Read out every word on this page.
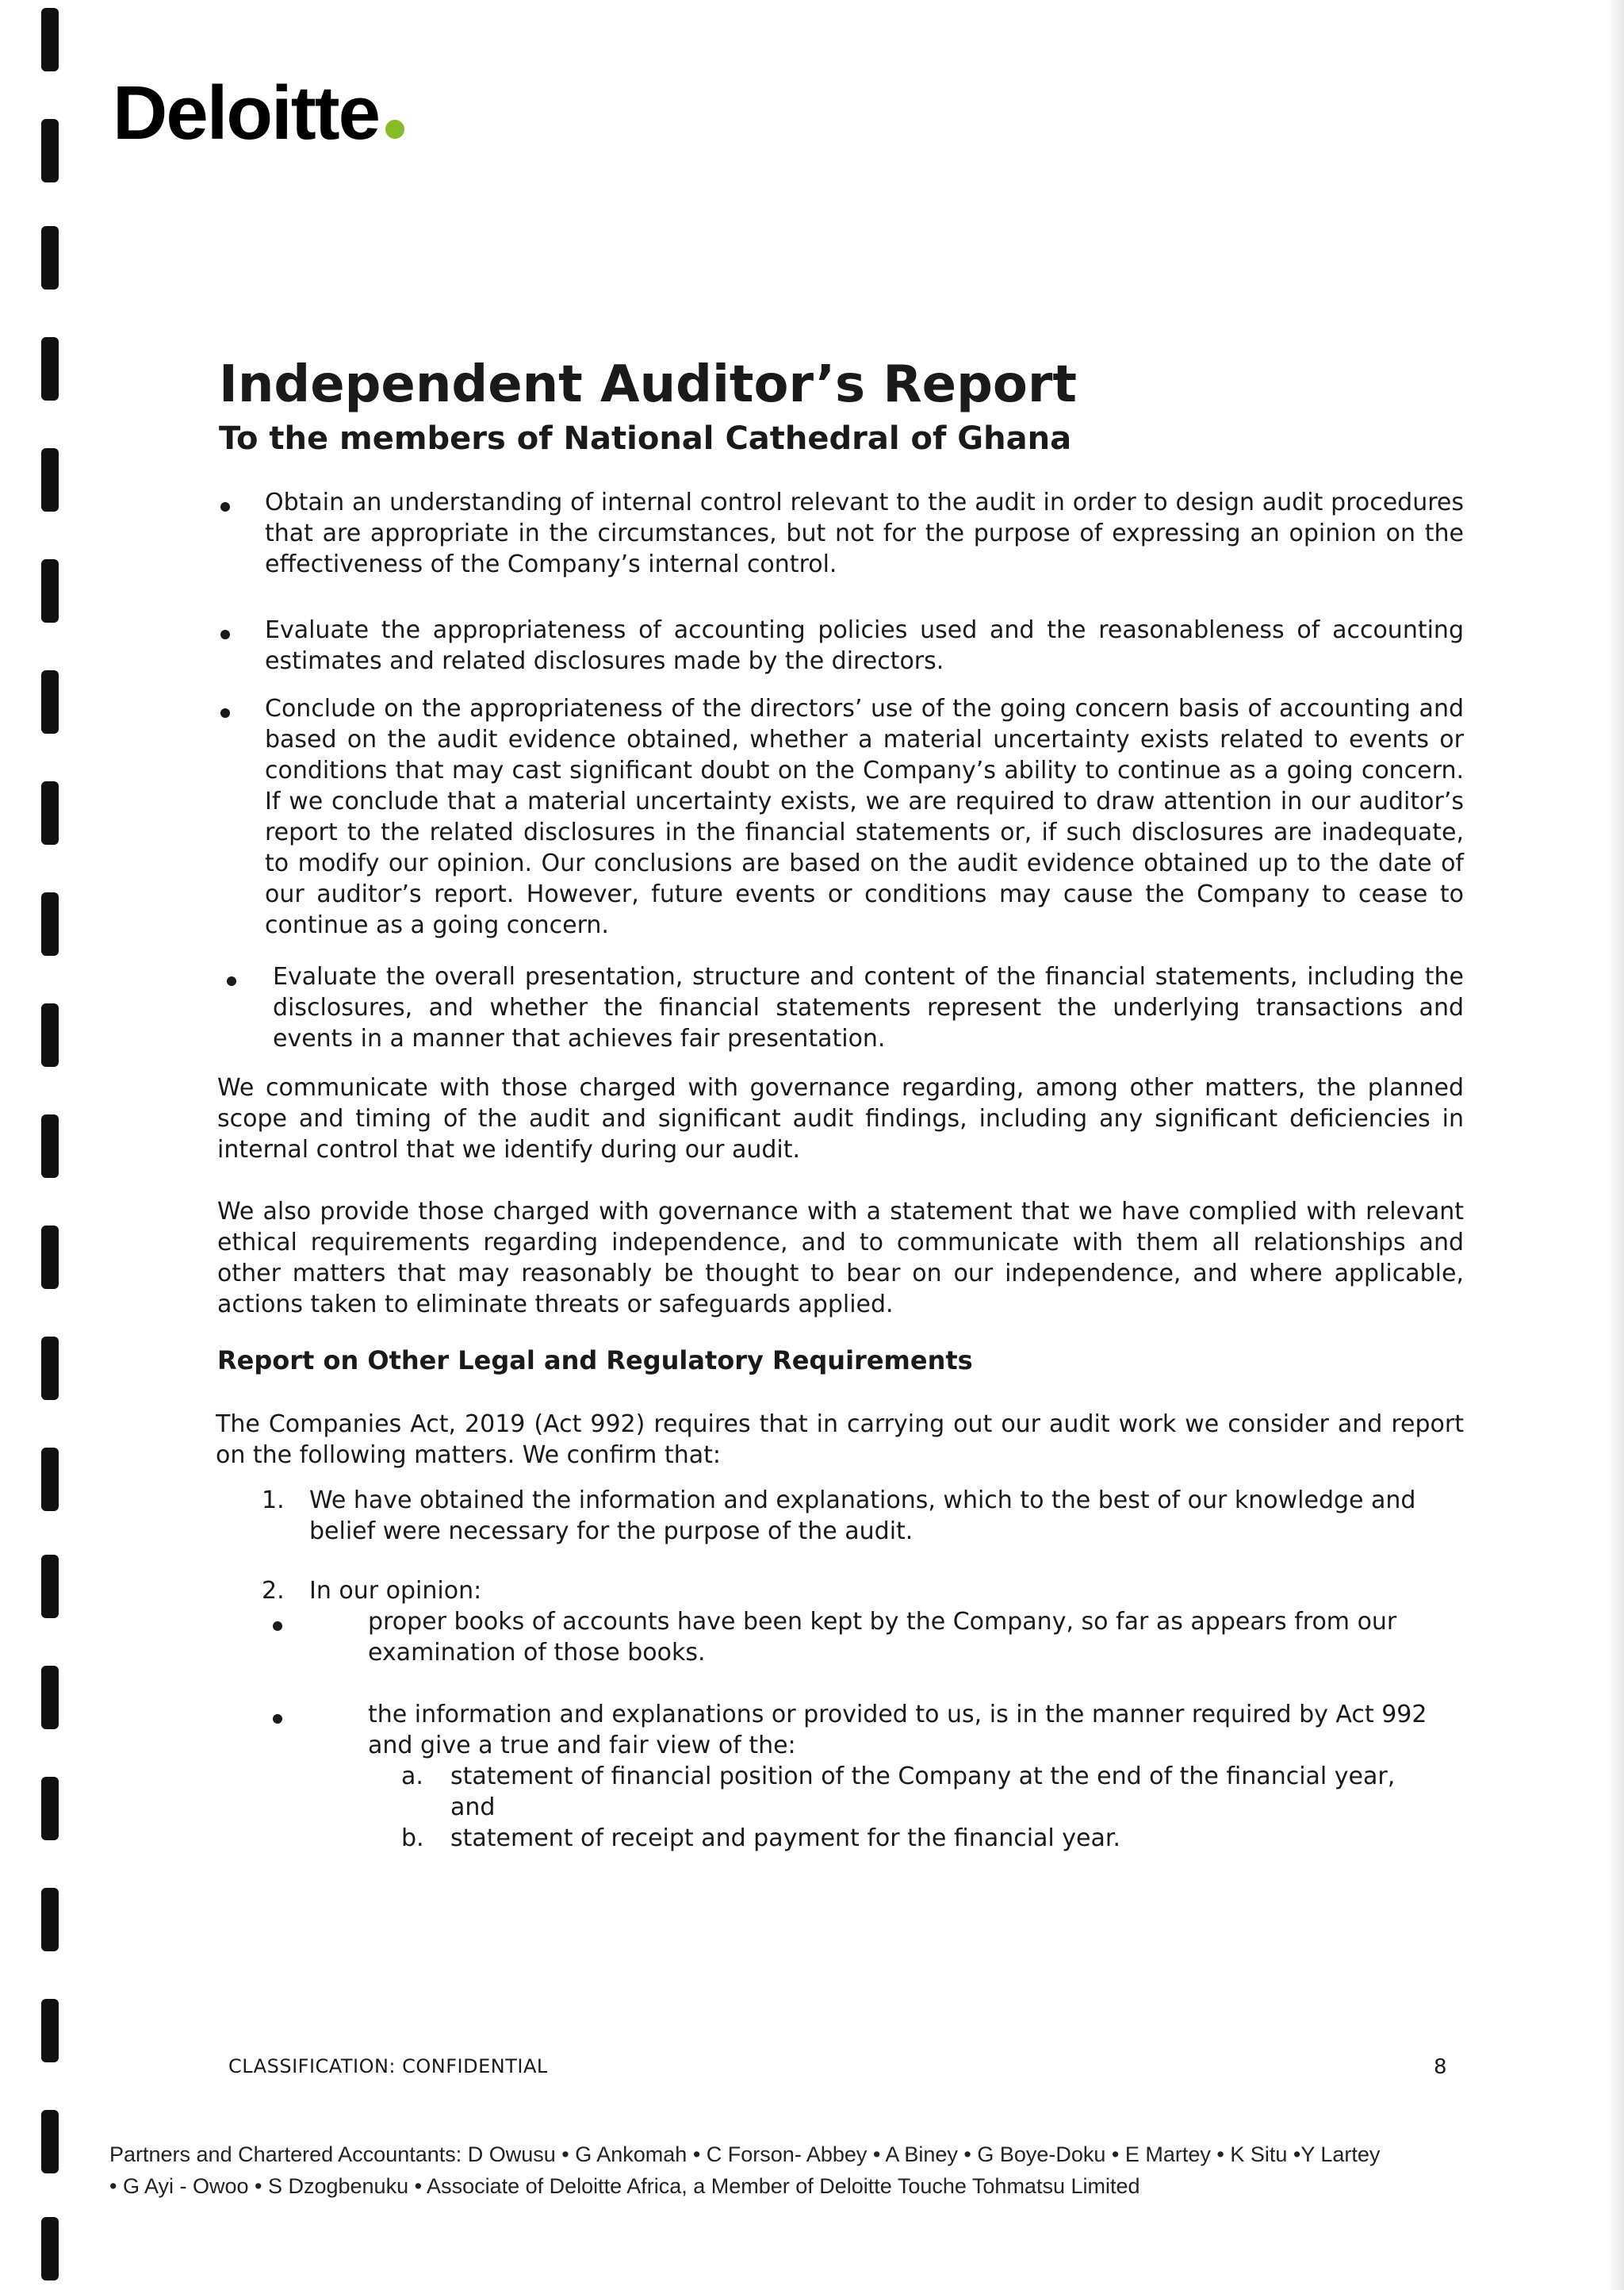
Deloitte
Independent Auditor’s Report
To the members of National Cathedral of Ghana

Obtain an understanding of internal control relevant to the audit in order to design audit procedures that are appropriate in the circumstances, but not for the purpose of expressing an opinion on the effectiveness of the Company’s internal control.

Evaluate the appropriateness of accounting policies used and the reasonableness of accounting estimates and related disclosures made by the directors.

Conclude on the appropriateness of the directors’ use of the going concern basis of accounting and based on the audit evidence obtained, whether a material uncertainty exists related to events or conditions that may cast significant doubt on the Company’s ability to continue as a going concern. If we conclude that a material uncertainty exists, we are required to draw attention in our auditor’s report to the related disclosures in the financial statements or, if such disclosures are inadequate, to modify our opinion. Our conclusions are based on the audit evidence obtained up to the date of our auditor’s report. However, future events or conditions may cause the Company to cease to continue as a going concern.

Evaluate the overall presentation, structure and content of the financial statements, including the disclosures, and whether the financial statements represent the underlying transactions and events in a manner that achieves fair presentation.

We communicate with those charged with governance regarding, among other matters, the planned scope and timing of the audit and significant audit findings, including any significant deficiencies in internal control that we identify during our audit.

We also provide those charged with governance with a statement that we have complied with relevant ethical requirements regarding independence, and to communicate with them all relationships and other matters that may reasonably be thought to bear on our independence, and where applicable, actions taken to eliminate threats or safeguards applied.

Report on Other Legal and Regulatory Requirements

The Companies Act, 2019 (Act 992) requires that in carrying out our audit work we consider and report on the following matters. We confirm that:

1. We have obtained the information and explanations, which to the best of our knowledge and belief were necessary for the purpose of the audit.

2. In our opinion:

proper books of accounts have been kept by the Company, so far as appears from our examination of those books.

the information and explanations or provided to us, is in the manner required by Act 992 and give a true and fair view of the:

a. statement of financial position of the Company at the end of the financial year, and

b. statement of receipt and payment for the financial year.

CLASSIFICATION: CONFIDENTIAL	8
Partners and Chartered Accountants: D Owusu • G Ankomah • C Forson- Abbey • A Biney • G Boye-Doku • E Martey • K Situ •Y Lartey
• G Ayi - Owoo • S Dzogbenuku • Associate of Deloitte Africa, a Member of Deloitte Touche Tohmatsu Limited
